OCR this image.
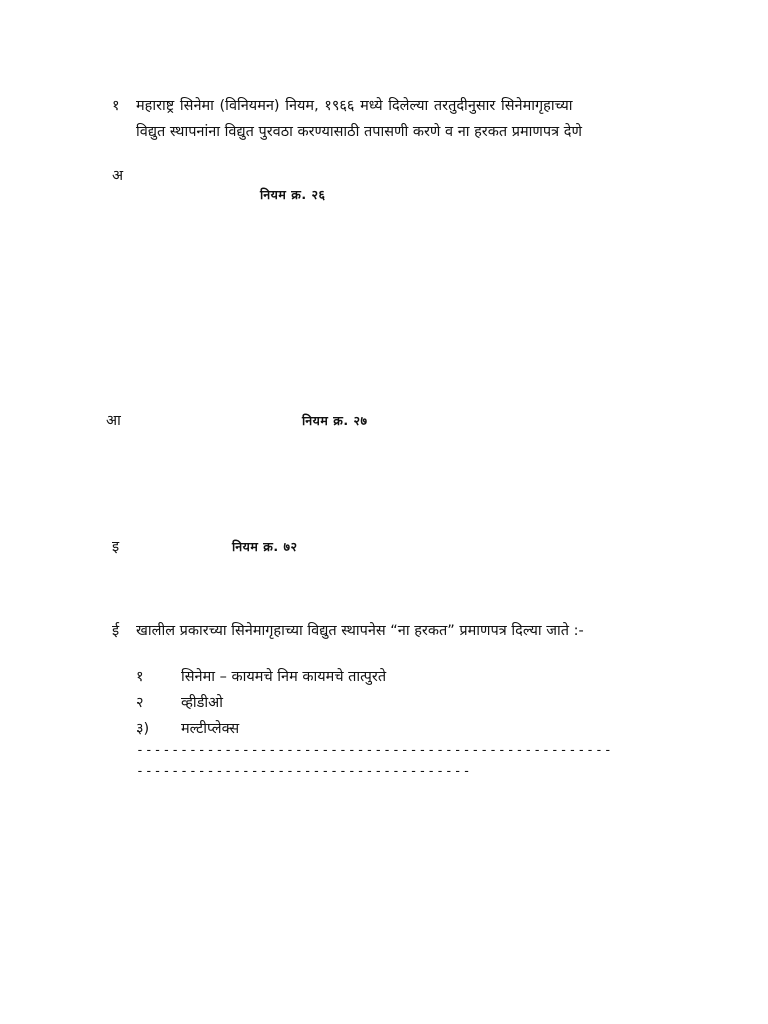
१ महाराष्ट्र सिनेमा (विनियमन) नियम, १९६६ मध्ये दिलेल्या तरतुदीनुसार सिनेमागृहाच्या
विद्युत स्थापनांना विद्युत पुरवठा करण्यासाठी तपासणी करणे व ना हरकत प्रमाणपत्र देणे
अ
नियम क्र. २६
आ	नियम क्र. २७
इ	नियम क्र. ७२
ई खालील प्रकारच्या सिनेमागृहाच्या विद्युत स्थापनेस “ना हरकत” प्रमाणपत्र दिल्या जाते :-
१	सिनेमा – कायमचे निम कायमचे तात्पुरते
२	व्हीडीओ
३) मल्टीप्लेक्स
------------------------------------------------------
--------------------------------------
